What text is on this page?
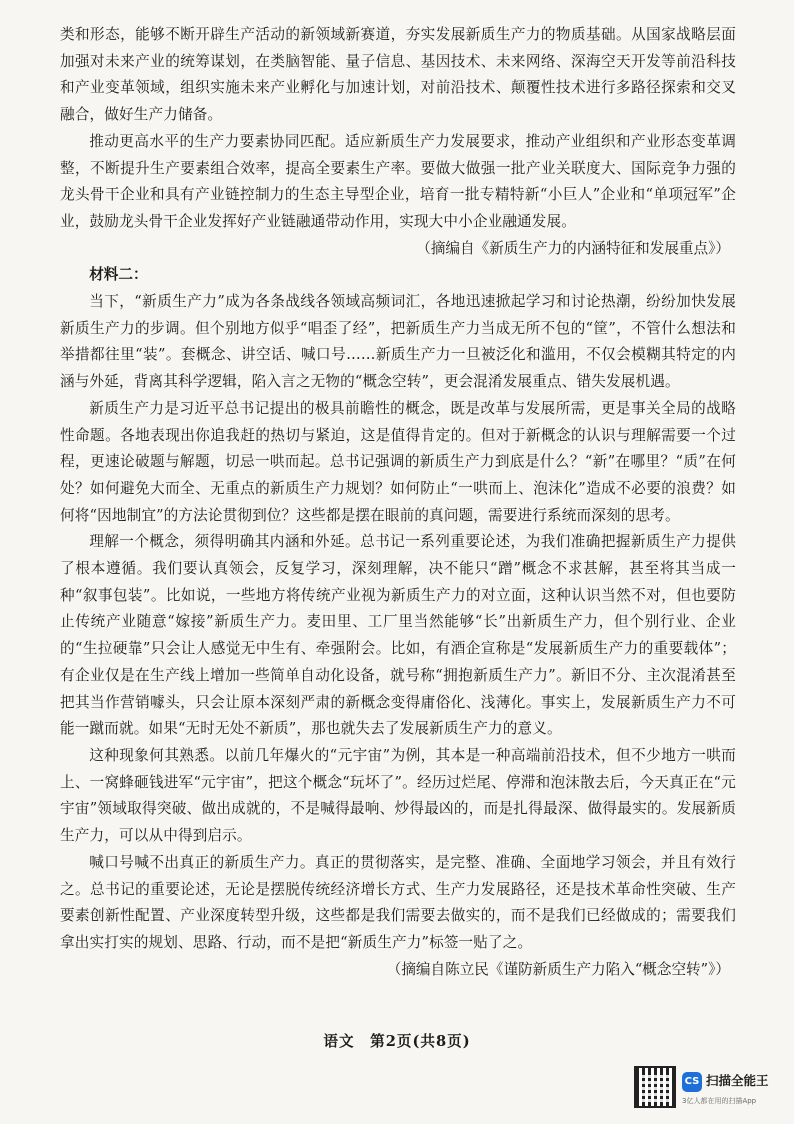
类和形态，能够不断开辟生产活动的新领域新赛道，夯实发展新质生产力的物质基础。从国家战略层面加强对未来产业的统筹谋划，在类脑智能、量子信息、基因技术、未来网络、深海空天开发等前沿科技和产业变革领域，组织实施未来产业孵化与加速计划，对前沿技术、颠覆性技术进行多路径探索和交叉融合，做好生产力储备。

推动更高水平的生产力要素协同匹配。适应新质生产力发展要求，推动产业组织和产业形态变革调整，不断提升生产要素组合效率，提高全要素生产率。要做大做强一批产业关联度大、国际竞争力强的龙头骨干企业和具有产业链控制力的生态主导型企业，培育一批专精特新“小巨人”企业和“单项冠军”企业，鼓励龙头骨干企业发挥好产业链融通带动作用，实现大中小企业融通发展。

（摘编自《新质生产力的内涵特征和发展重点》）

材料二：

当下，“新质生产力”成为各条战线各领域高频词汇，各地迅速掀起学习和讨论热潮，纷纷加快发展新质生产力的步调。但个别地方似乎“唱歪了经”，把新质生产力当成无所不包的“筐”，不管什么想法和举措都往里“装”。套概念、讲空话、喊口号……新质生产力一旦被泛化和滥用，不仅会模糊其特定的内涵与外延，背离其科学逻辑，陷入言之无物的“概念空转”，更会混淆发展重点、错失发展机遇。

新质生产力是习近平总书记提出的极具前瞻性的概念，既是改革与发展所需，更是事关全局的战略性命题。各地表现出你追我赶的热切与紧迫，这是值得肯定的。但对于新概念的认识与理解需要一个过程，更速论破题与解题，切忌一哄而起。总书记强调的新质生产力到底是什么？“新”在哪里？“质”在何处？如何避免大而全、无重点的新质生产力规划？如何防止“一哄而上、泡沫化”造成不必要的浪费？如何将“因地制宜”的方法论贯彻到位？这些都是摆在眼前的真问题，需要进行系统而深刻的思考。

理解一个概念，须得明确其内涵和外延。总书记一系列重要论述，为我们准确把握新质生产力提供了根本遵循。我们要认真领会，反复学习，深刻理解，决不能只“蹭”概念不求甚解，甚至将其当成一种“叙事包装”。比如说，一些地方将传统产业视为新质生产力的对立面，这种认识当然不对，但也要防止传统产业随意“嫁接”新质生产力。麦田里、工厂里当然能够“长”出新质生产力，但个别行业、企业的“生拉硬靠”只会让人感觉无中生有、牵强附会。比如，有酒企宣称是“发展新质生产力的重要载体”；有企业仅是在生产线上增加一些简单自动化设备，就号称“拥抱新质生产力”。新旧不分、主次混淆甚至把其当作营销噱头，只会让原本深刻严肃的新概念变得庸俗化、浅薄化。事实上，发展新质生产力不可能一蹴而就。如果“无时无处不新质”，那也就失去了发展新质生产力的意义。

这种现象何其熟悉。以前几年爆火的“元宇宙”为例，其本是一种高端前沿技术，但不少地方一哄而上、一窝蜂砸钱进军“元宇宙”，把这个概念“玩坏了”。经历过烂尾、停滞和泡沫散去后，今天真正在“元宇宙”领域取得突破、做出成就的，不是喊得最响、炒得最凶的，而是扎得最深、做得最实的。发展新质生产力，可以从中得到启示。

喊口号喊不出真正的新质生产力。真正的贯彻落实，是完整、准确、全面地学习领会，并且有效行之。总书记的重要论述，无论是摆脱传统经济增长方式、生产力发展路径，还是技术革命性突破、生产要素创新性配置、产业深度转型升级，这些都是我们需要去做实的，而不是我们已经做成的；需要我们拿出实打实的规划、思路、行动，而不是把“新质生产力”标签一贴了之。

（摘编自陈立民《谨防新质生产力陷入“概念空转”》）

语文　第2页(共8页)
CS 扫描全能王
3亿人都在用的扫描App
